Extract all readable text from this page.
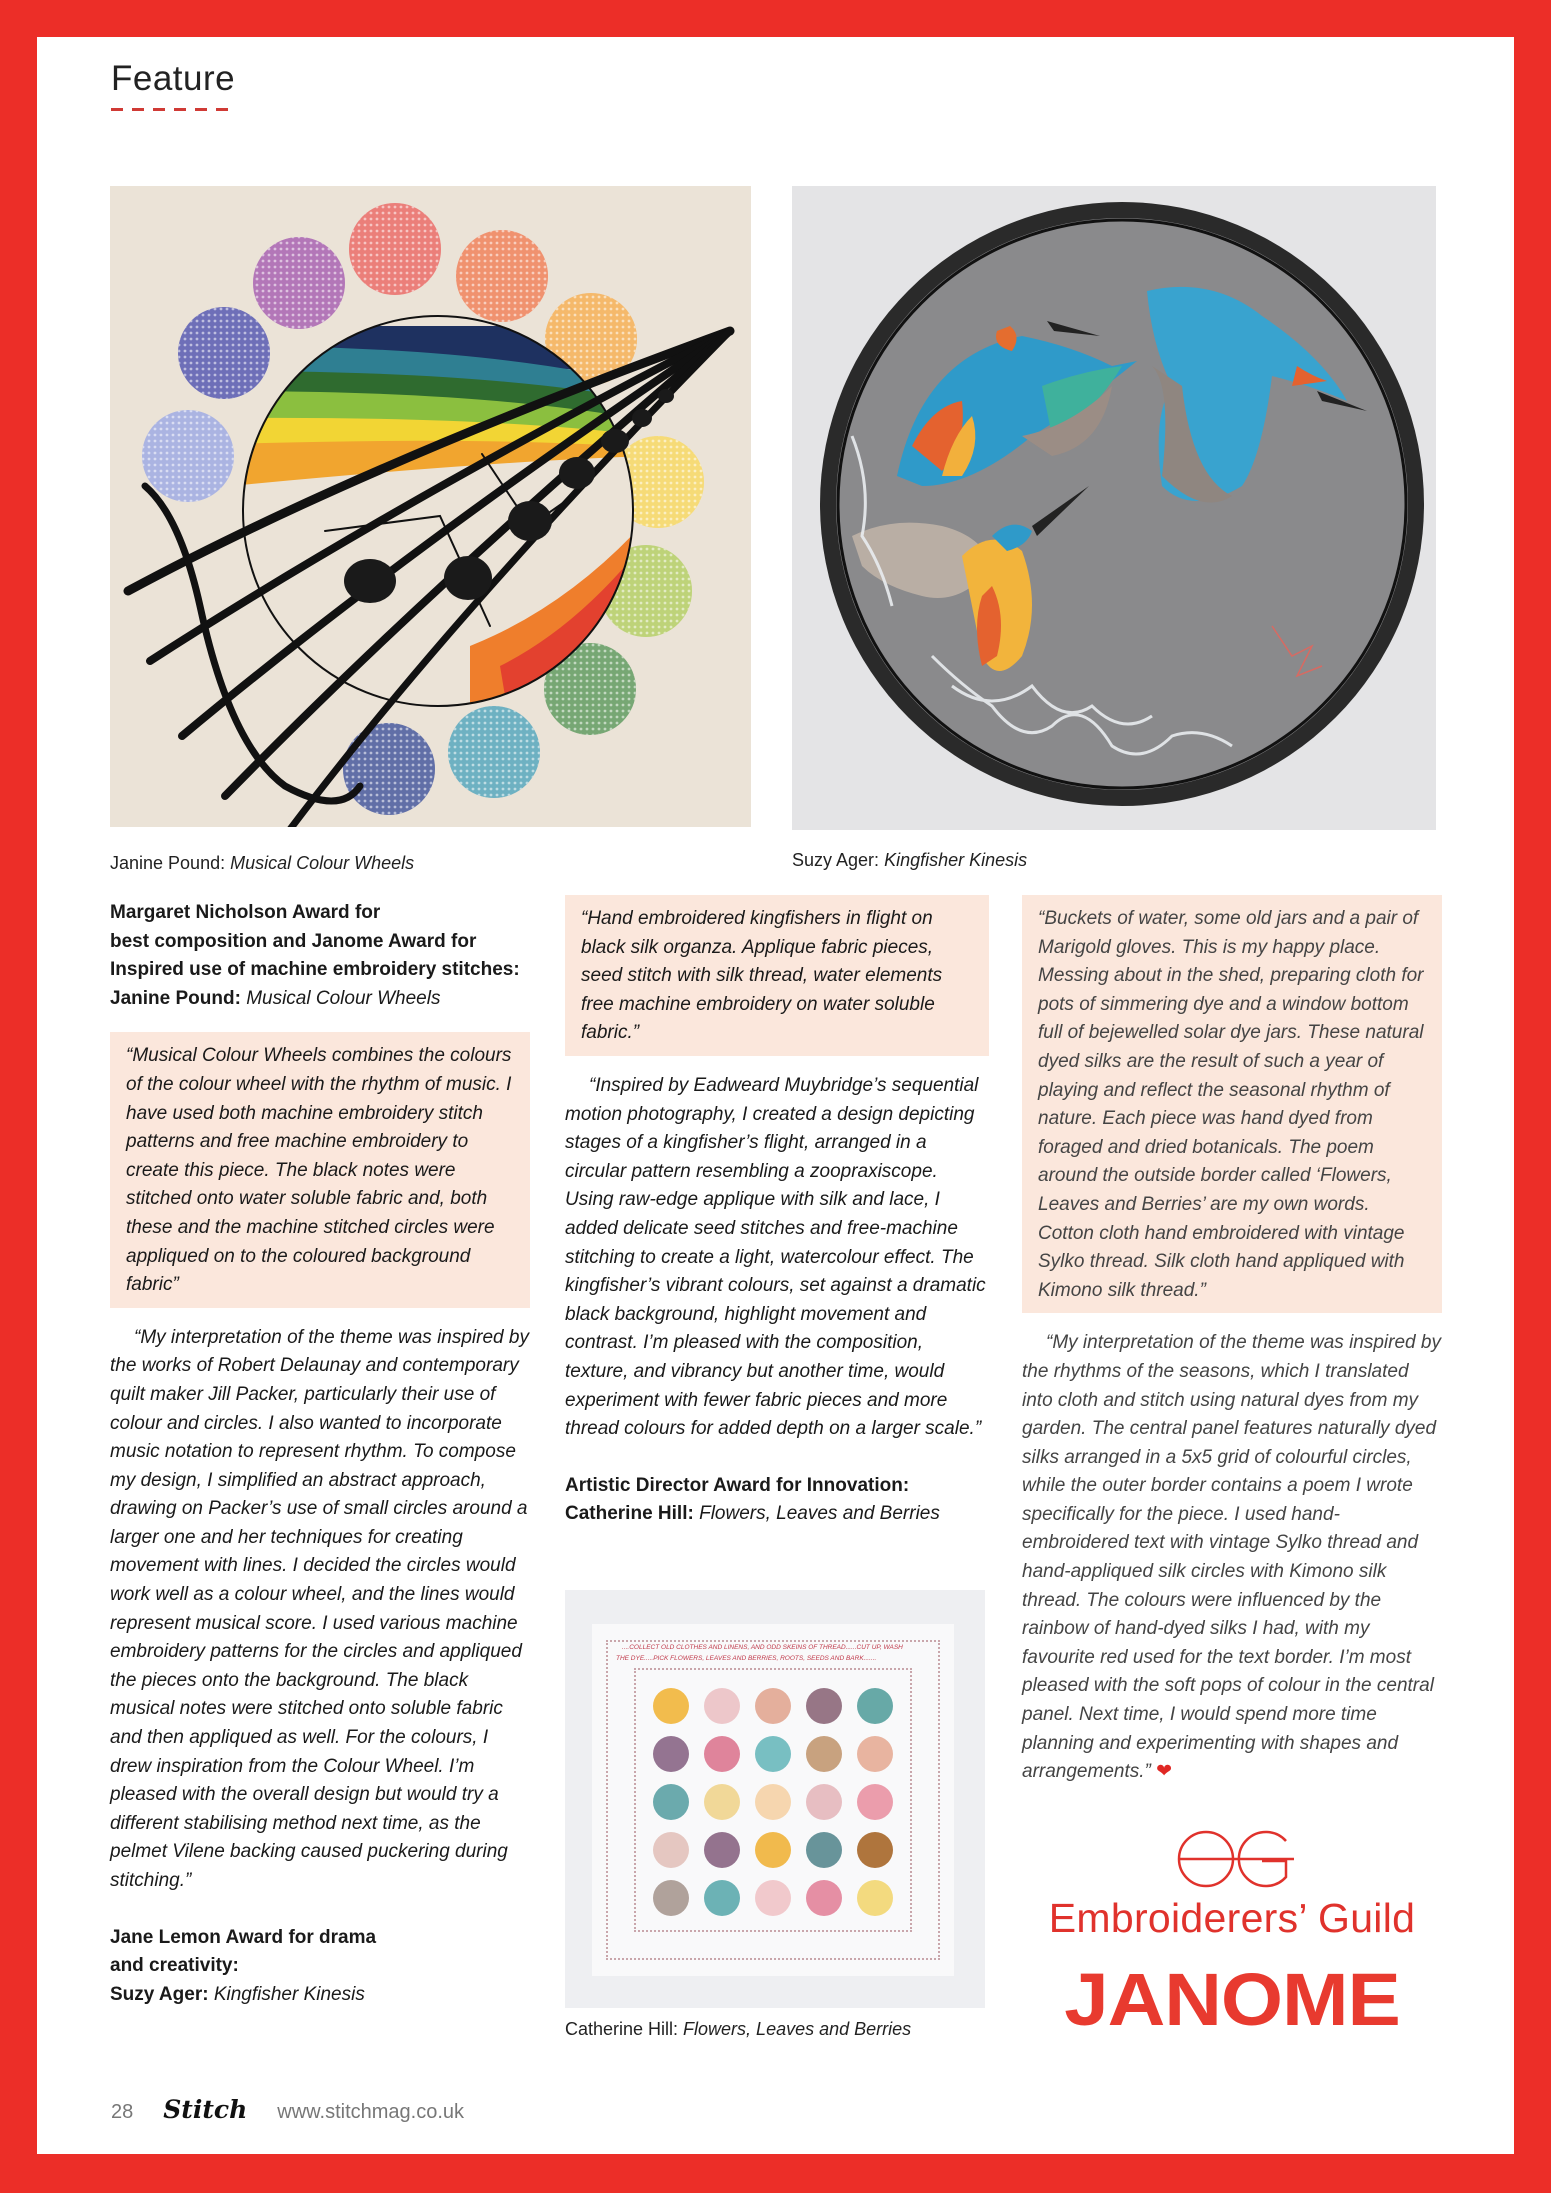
Feature
Janine Pound: Musical Colour Wheels	Suzy Ager: Kingfisher Kinesis
Margaret Nicholson Award for
best composition and Janome Award for
Inspired use of machine embroidery stitches:
Janine Pound: Musical Colour Wheels
“Musical Colour Wheels combines the colours of the colour wheel with the rhythm of music. I have used both machine embroidery stitch patterns and free machine embroidery to create this piece. The black notes were stitched onto water soluble fabric and, both these and the machine stitched circles were appliqued on to the coloured background fabric”
“My interpretation of the theme was inspired by the works of Robert Delaunay and contemporary quilt maker Jill Packer, particularly their use of colour and circles. I also wanted to incorporate music notation to represent rhythm. To compose my design, I simplified an abstract approach, drawing on Packer’s use of small circles around a larger one and her techniques for creating movement with lines. I decided the circles would work well as a colour wheel, and the lines would represent musical score. I used various machine embroidery patterns for the circles and appliqued the pieces onto the background. The black musical notes were stitched onto soluble fabric and then appliqued as well. For the colours, I drew inspiration from the Colour Wheel. I’m pleased with the overall design but would try a different stabilising method next time, as the pelmet Vilene backing caused puckering during stitching.”
Jane Lemon Award for drama
and creativity:
Suzy Ager: Kingfisher Kinesis
“Hand embroidered kingfishers in flight on black silk organza. Applique fabric pieces, seed stitch with silk thread, water elements free machine embroidery on water soluble fabric.”
“Inspired by Eadweard Muybridge’s sequential motion photography, I created a design depicting stages of a kingfisher’s flight, arranged in a circular pattern resembling a zoopraxiscope. Using raw-edge applique with silk and lace, I added delicate seed stitches and free-machine stitching to create a light, watercolour effect. The kingfisher’s vibrant colours, set against a dramatic black background, highlight movement and contrast. I’m pleased with the composition, texture, and vibrancy but another time, would experiment with fewer fabric pieces and more thread colours for added depth on a larger scale.”
Artistic Director Award for Innovation:
Catherine Hill: Flowers, Leaves and Berries
....COLLECT OLD CLOTHES AND LINENS, AND ODD SKEINS OF THREAD......CUT UP, WASH
THE DYE.....PICK FLOWERS, LEAVES AND BERRIES, ROOTS, SEEDS AND BARK.......
Catherine Hill: Flowers, Leaves and Berries
“Buckets of water, some old jars and a pair of Marigold gloves. This is my happy place. Messing about in the shed, preparing cloth for pots of simmering dye and a window bottom full of bejewelled solar dye jars. These natural dyed silks are the result of such a year of playing and reflect the seasonal rhythm of nature. Each piece was hand dyed from foraged and dried botanicals. The poem around the outside border called ‘Flowers, Leaves and Berries’ are my own words. Cotton cloth hand embroidered with vintage Sylko thread. Silk cloth hand appliqued with Kimono silk thread.”
“My interpretation of the theme was inspired by the rhythms of the seasons, which I translated into cloth and stitch using natural dyes from my garden. The central panel features naturally dyed silks arranged in a 5x5 grid of colourful circles, while the outer border contains a poem I wrote specifically for the piece. I used hand-embroidered text with vintage Sylko thread and hand-appliqued silk circles with Kimono silk thread. The colours were influenced by the rainbow of hand-dyed silks I had, with my favourite red used for the text border. I’m most pleased with the soft pops of colour in the central panel. Next time, I would spend more time planning and experimenting with shapes and arrangements.” ❤
Embroiderers’ Guild
JANOME
28 Stitch www.stitchmag.co.uk
